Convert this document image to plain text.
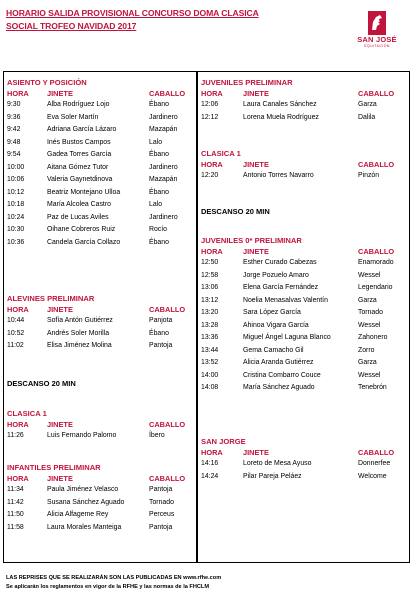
HORARIO SALIDA PROVISIONAL CONCURSO DOMA CLASICA
SOCIAL TROFEO NAVIDAD 2017
SAN JOSÉ
EQUITACIÓN
ASIENTO Y POSICIÓN
HORA	JINETE	CABALLO
9:30	Alba Rodríguez Lojo	Ébano
9:36	Eva Soler Martín	Jardinero
9:42	Adriana García Lázaro	Mazapán
9:48	Inés Bustos Campos	Lalo
9:54	Gadea Torres García	Ébano
10:00	Aitana Gómez Tutor	Jardinero
10:06	Valeria Gaynetdinova	Mazapán
10:12	Beatriz Montejano Ulloa	Ébano
10:18	María Alcolea Castro	Lalo
10:24	Paz de Lucas Aviles	Jardinero
10:30	Oihane Cobreros Ruiz	Rocío
10:36	Candela García Collazo	Ébano
ALEVINES PRELIMINAR
HORA	JINETE	CABALLO
10:44	Sofía Antón Gutiérrez	Panjota
10:52	Andrés Soler Morilla	Ébano
11:02	Elisa Jiménez Molina	Pantoja
DESCANSO 20 MIN
CLASICA 1
HORA	JINETE	CABALLO
11:26	Luis Fernando Palomo	Íbero
INFANTILES PRELIMINAR
HORA	JINETE	CABALLO
11:34	Paula Jiménez Velasco	Pantoja
11:42	Susana Sánchez Aguado	Tornado
11:50	Alicia Alfageme Rey	Perceus
11:58	Laura Morales Manteiga	Pantoja
JUVENILES PRELIMINAR
HORA	JINETE	CABALLO
12:06	Laura Canales Sánchez	Garza
12:12	Lorena Muela Rodríguez	Dalila
CLASICA 1
HORA	JINETE	CABALLO
12:20	Antonio Torres Navarro	Pinzón
DESCANSO 20 MIN
JUVENILES 0* PRELIMINAR
HORA	JINETE	CABALLO
12:50	Esther Curado Cabezas	Enamorado
12:58	Jorge Pozuelo Amaro	Wessel
13:06	Elena García Fernández	Legendario
13:12	Noelia Menasalvas Valentín	Garza
13:20	Sara López García	Tornado
13:28	Ahinoa Vigara García	Wessel
13:36	Miguel Ángel Laguna Blanco	Zahonero
13:44	Gema Camacho Gil	Zorro
13:52	Alicia Aranda Gutiérrez	Garza
14:00	Cristina Combarro Couce	Wessel
14:08	María Sánchez Aguado	Tenebrón
SAN JORGE
HORA	JINETE	CABALLO
14:16	Loreto de Mesa Ayuso	Donnerfee
14:24	Pilar Pareja Peláez	Welcome
LAS REPRISES QUE SE REALIZARÁN SON LAS PUBLICADAS EN www.rfhe.com
Se aplicarán los reglamentos en vigor de la RFHE y las normas de la FHCLM
